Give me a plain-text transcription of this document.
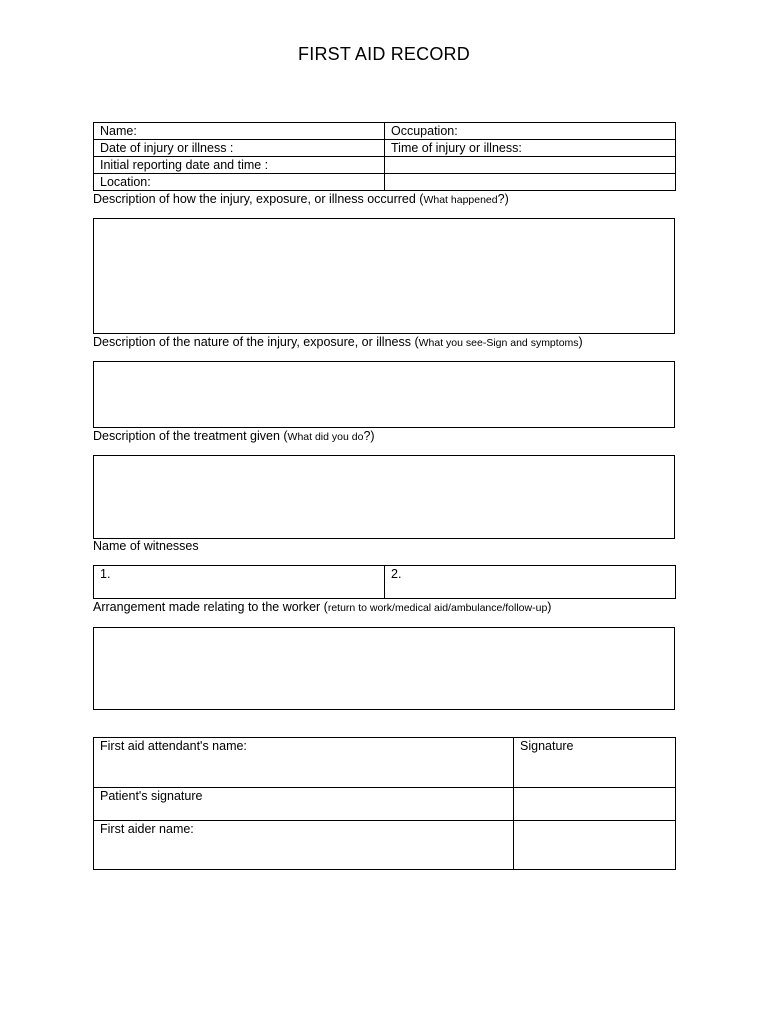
FIRST AID RECORD
Name:	Occupation:
Date of injury or illness :	Time of injury or illness:
Initial reporting date and time :	
Location:	
Description of how the injury, exposure, or illness occurred (What happened?)
Description of the nature of the injury, exposure, or illness (What you see-Sign and symptoms)
Description of the treatment given (What did you do?)
Name of witnesses
1.	2.
Arrangement made relating to the worker (return to work/medical aid/ambulance/follow-up)
First aid attendant's name:	Signature
Patient's signature	
First aider name:	
